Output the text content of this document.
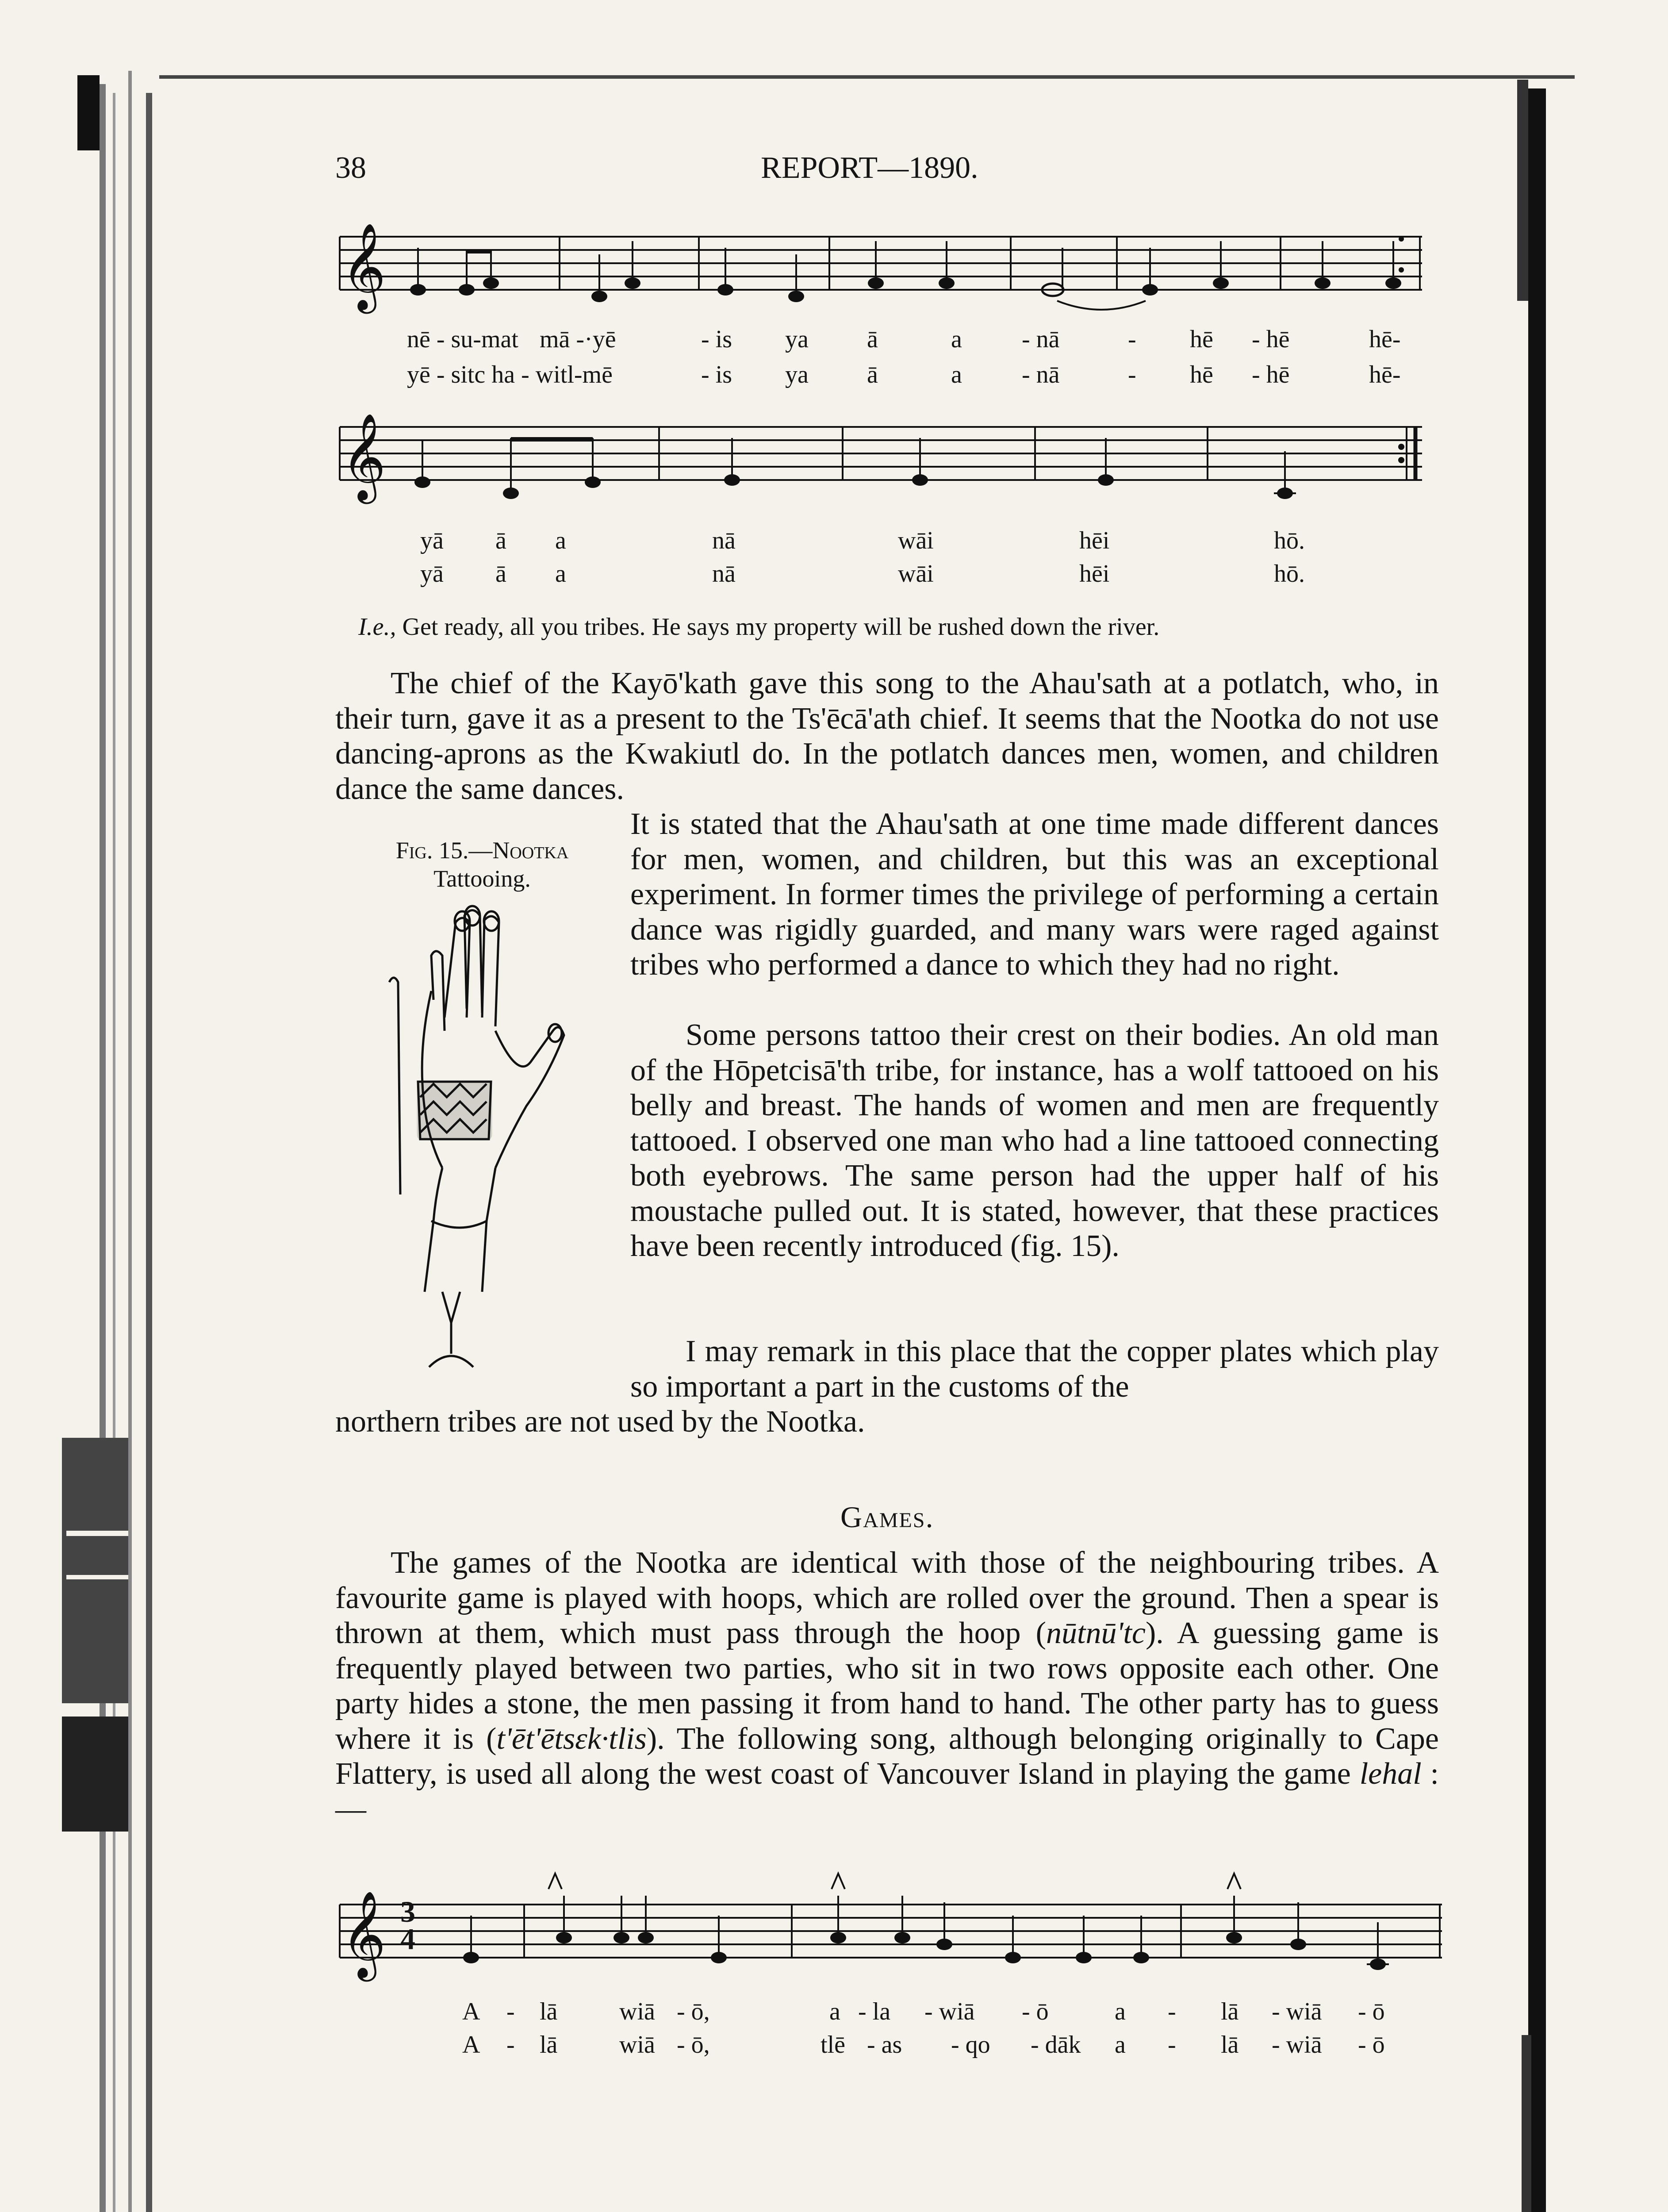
38	REPORT—1890.
𝄞
𝄞
nē - su-mat mā -·yē	- is ya ā	a - nā	- hē - hē	hē-
yē - sitc ha - witl-mē	- is ya ā	a - nā	- hē - hē	hē-
yā ā a	nā	wāi	hēi	hō.
yā ā a	nā	wāi	hēi	hō.
I.e., Get ready, all you tribes. He says my property will be rushed down the river.
The chief of the Kayō'kath gave this song to the Ahau'sath at a potlatch, who, in their turn, gave it as a present to the Ts'ēcā'ath chief. It seems that the Nootka do not use dancing-aprons as the Kwakiutl do. In the potlatch dances men, women, and children dance the same dances.
It is stated that the Ahau'sath at one time made different dances for men, women, and children, but this was an exceptional experiment. In former times the privilege of performing a certain dance was rigidly guarded, and many wars were raged against tribes who performed a dance to which they had no right.
Some persons tattoo their crest on their bodies. An old man of the Hōpetcisā'th tribe, for instance, has a wolf tattooed on his belly and breast. The hands of women and men are frequently tattooed. I observed one man who had a line tattooed connecting both eyebrows. The same person had the upper half of his moustache pulled out. It is stated, however, that these practices have been recently introduced (fig. 15).
I may remark in this place that the copper plates which play so important a part in the customs of the
northern tribes are not used by the Nootka.
Fig. 15.—Nootka
Tattooing.
Games.
The games of the Nootka are identical with those of the neighbouring tribes. A favourite game is played with hoops, which are rolled over the ground. Then a spear is thrown at them, which must pass through the hoop (nūtnū'tc). A guessing game is frequently played between two parties, who sit in two rows opposite each other. One party hides a stone, the men passing it from hand to hand. The other party has to guess where it is (t'ēt'ētsɛk·tlis). The following song, although belonging originally to Cape Flattery, is used all along the west coast of Vancouver Island in playing the game lehal :—
𝄞 3
4
A - lā wiā - ō,	a - la - wiā - ō	a - lā - wiā - ō
A - lā wiā - ō,	tlē - as - qo - dāk a - lā - wiā - ō
